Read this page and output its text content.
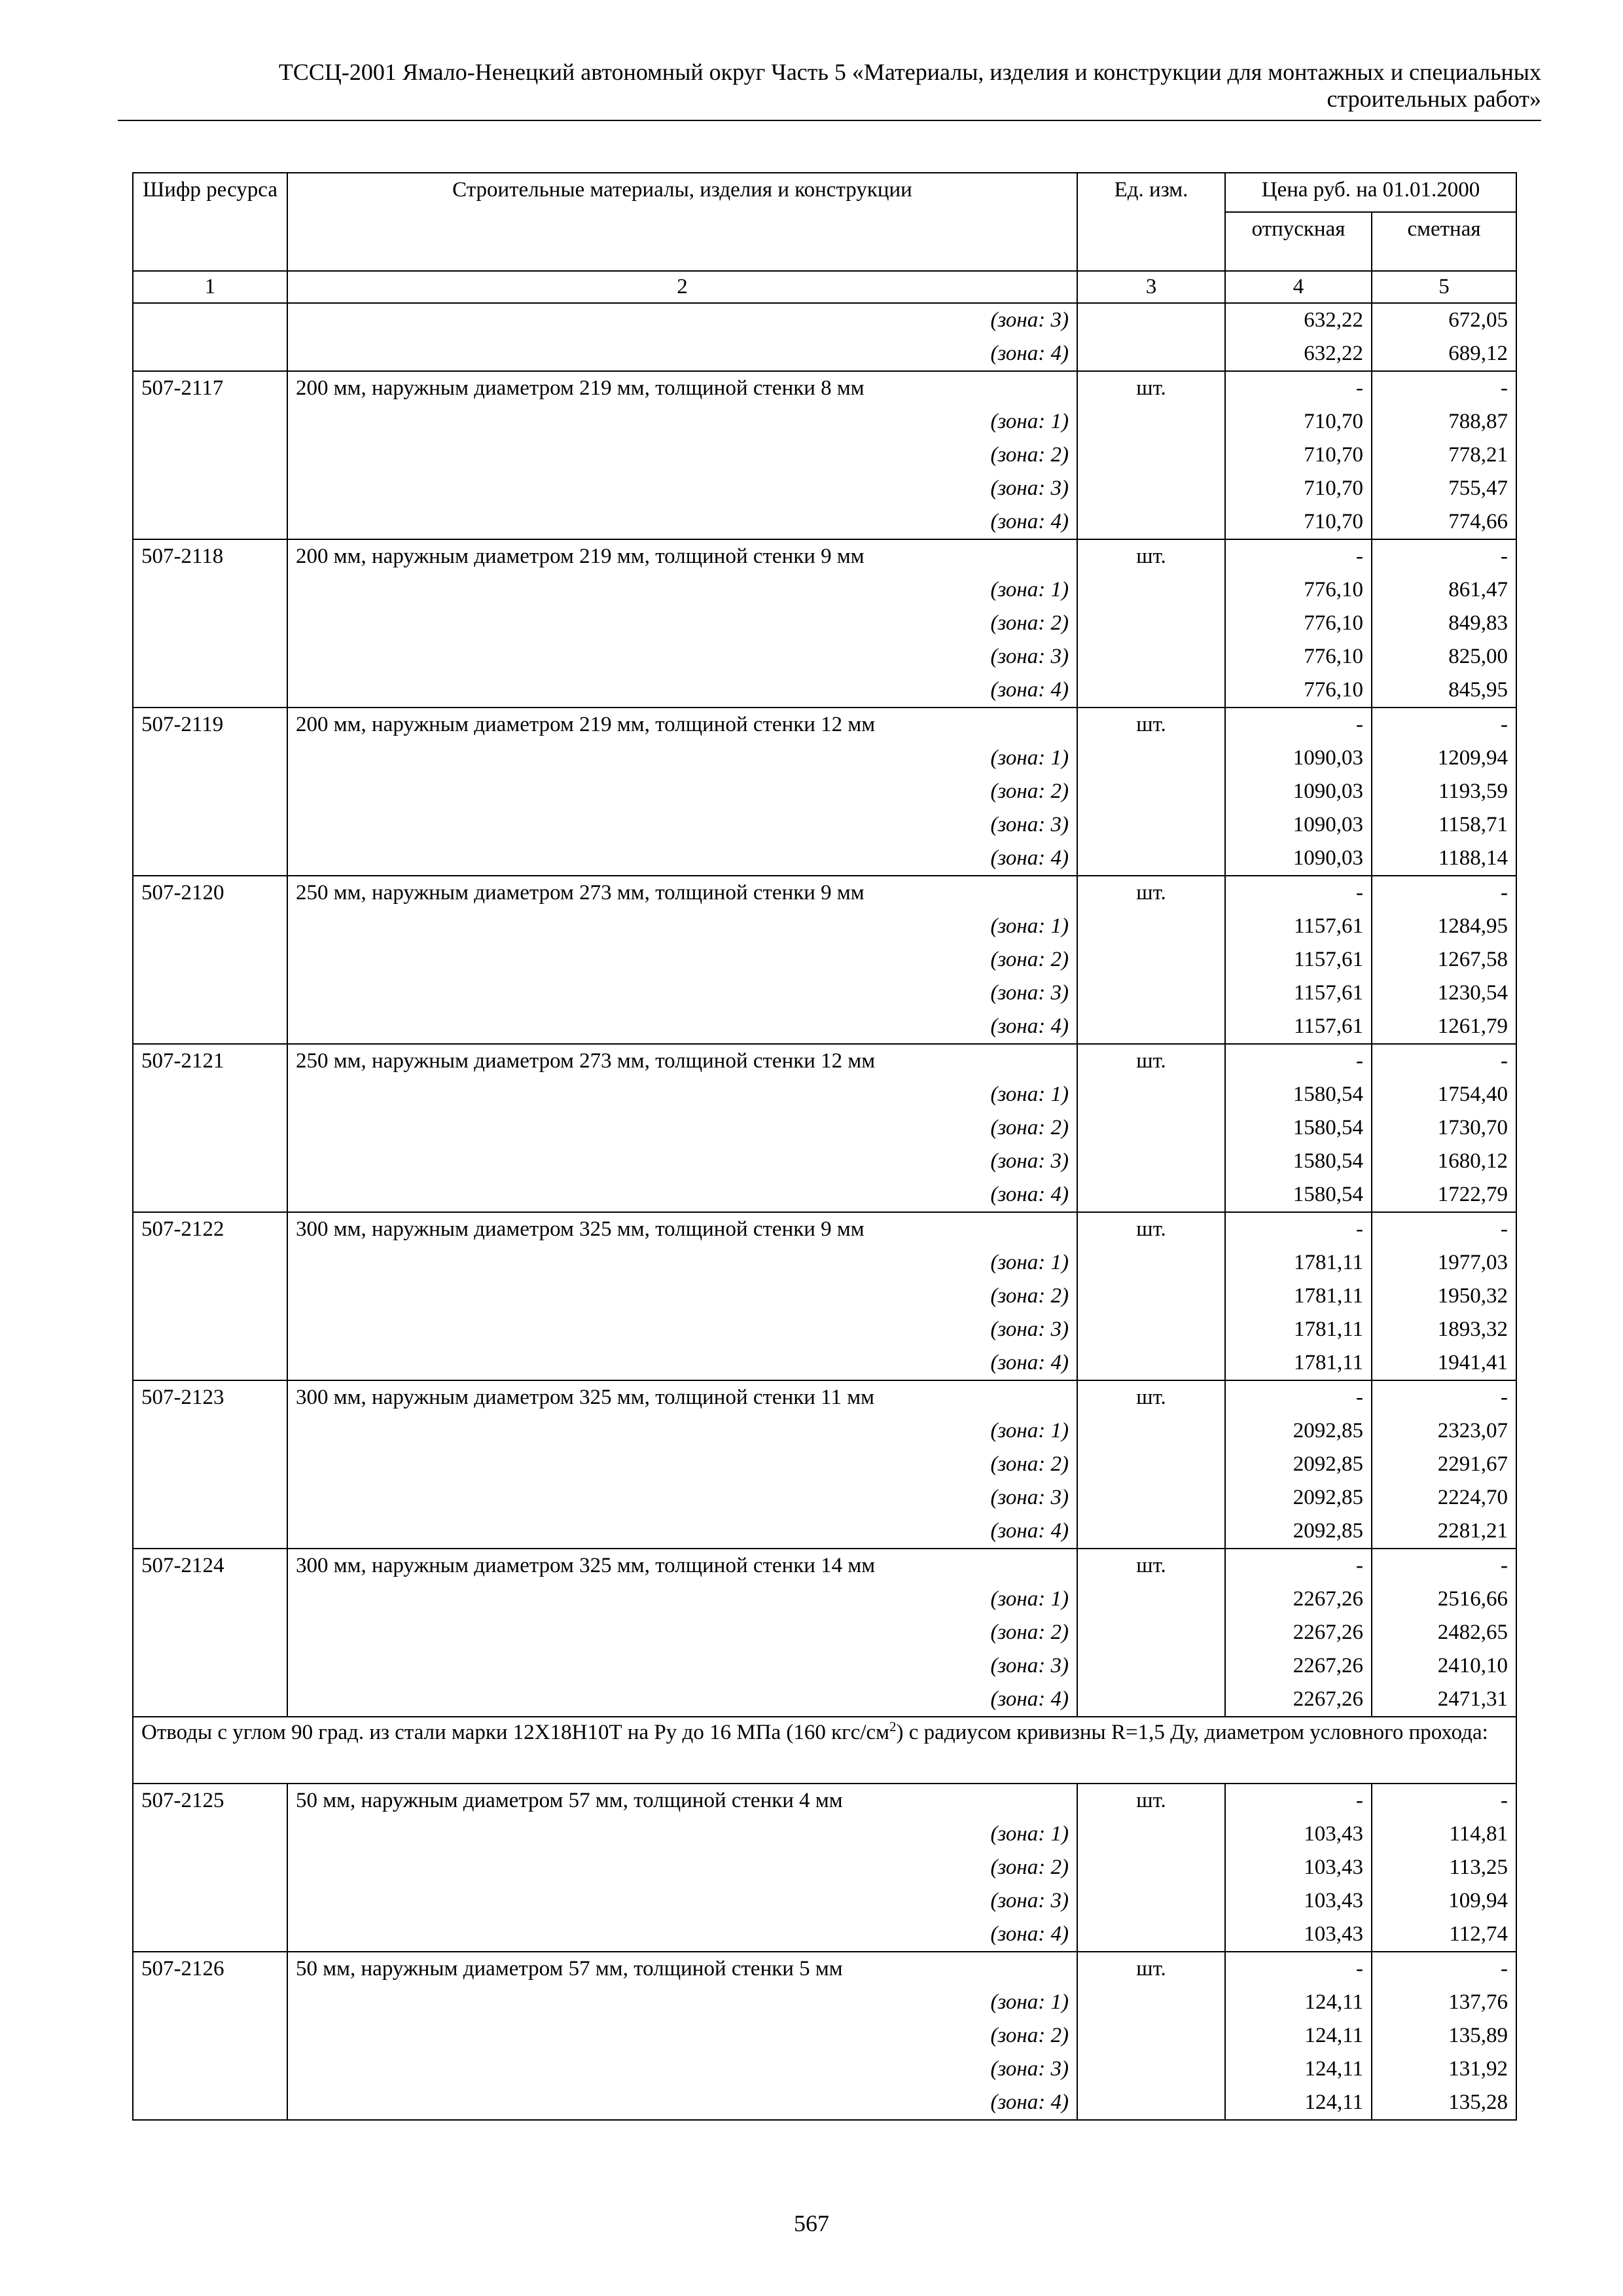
ТССЦ-2001 Ямало-Ненецкий автономный округ Часть 5 «Материалы, изделия и конструкции для монтажных и специальных
строительных работ»
Шифр ресурса	Строительные материалы, изделия и конструкции	Ед. изм.	Цена руб. на 01.01.2000	
			отпускная	сметная
1	2	3	4	5
	(зона: 3)		632,22	672,05
	(зона: 4)		632,22	689,12
507-2117	200 мм, наружным диаметром 219 мм, толщиной стенки 8 мм	шт.	-	-
	(зона: 1)		710,70	788,87
	(зона: 2)		710,70	778,21
	(зона: 3)		710,70	755,47
	(зона: 4)		710,70	774,66
507-2118	200 мм, наружным диаметром 219 мм, толщиной стенки 9 мм	шт.	-	-
	(зона: 1)		776,10	861,47
	(зона: 2)		776,10	849,83
	(зона: 3)		776,10	825,00
	(зона: 4)		776,10	845,95
507-2119	200 мм, наружным диаметром 219 мм, толщиной стенки 12 мм	шт.	-	-
	(зона: 1)		1090,03	1209,94
	(зона: 2)		1090,03	1193,59
	(зона: 3)		1090,03	1158,71
	(зона: 4)		1090,03	1188,14
507-2120	250 мм, наружным диаметром 273 мм, толщиной стенки 9 мм	шт.	-	-
	(зона: 1)		1157,61	1284,95
	(зона: 2)		1157,61	1267,58
	(зона: 3)		1157,61	1230,54
	(зона: 4)		1157,61	1261,79
507-2121	250 мм, наружным диаметром 273 мм, толщиной стенки 12 мм	шт.	-	-
	(зона: 1)		1580,54	1754,40
	(зона: 2)		1580,54	1730,70
	(зона: 3)		1580,54	1680,12
	(зона: 4)		1580,54	1722,79
507-2122	300 мм, наружным диаметром 325 мм, толщиной стенки 9 мм	шт.	-	-
	(зона: 1)		1781,11	1977,03
	(зона: 2)		1781,11	1950,32
	(зона: 3)		1781,11	1893,32
	(зона: 4)		1781,11	1941,41
507-2123	300 мм, наружным диаметром 325 мм, толщиной стенки 11 мм	шт.	-	-
	(зона: 1)		2092,85	2323,07
	(зона: 2)		2092,85	2291,67
	(зона: 3)		2092,85	2224,70
	(зона: 4)		2092,85	2281,21
507-2124	300 мм, наружным диаметром 325 мм, толщиной стенки 14 мм	шт.	-	-
	(зона: 1)		2267,26	2516,66
	(зона: 2)		2267,26	2482,65
	(зона: 3)		2267,26	2410,10
	(зона: 4)		2267,26	2471,31
Отводы с углом 90 град. из стали марки 12Х18Н10Т на Ру до 16 МПа (160 кгс/$см^2$) с радиусом кривизны R=1,5 Ду, диаметром условного прохода:				
507-2125	50 мм, наружным диаметром 57 мм, толщиной стенки 4 мм	шт.	-	-
	(зона: 1)		103,43	114,81
	(зона: 2)		103,43	113,25
	(зона: 3)		103,43	109,94
	(зона: 4)		103,43	112,74
507-2126	50 мм, наружным диаметром 57 мм, толщиной стенки 5 мм	шт.	-	-
	(зона: 1)		124,11	137,76
	(зона: 2)		124,11	135,89
	(зона: 3)		124,11	131,92
	(зона: 4)		124,11	135,28
567
